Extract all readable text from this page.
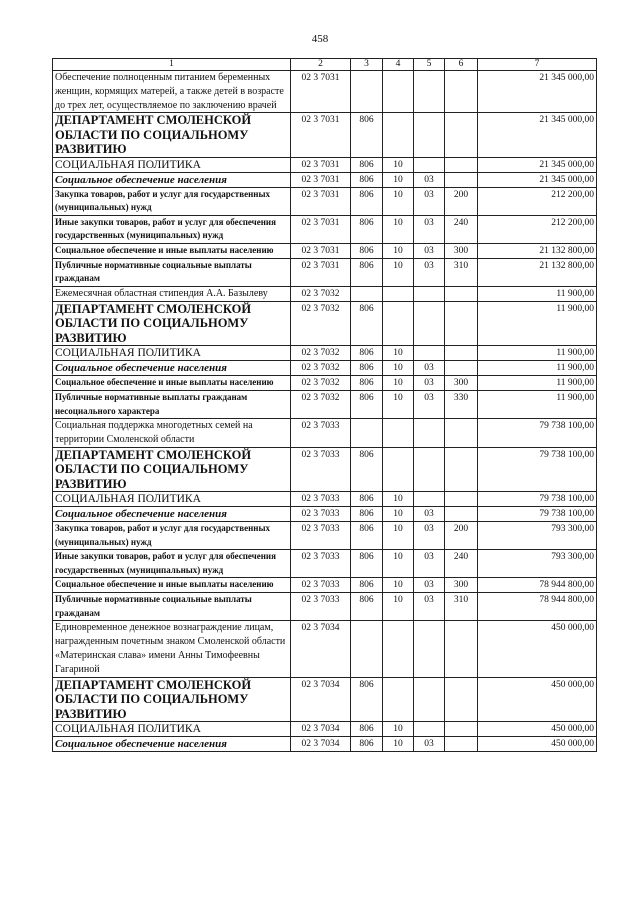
458
1	2	3	4	5	6	7
Обеспечение полноценным питанием беременных женщин, кормящих матерей, а также детей в возрасте до трех лет, осуществляемое по заключению врачей	02 3 7031					21 345 000,00
ДЕПАРТАМЕНТ СМОЛЕНСКОЙ ОБЛАСТИ ПО СОЦИАЛЬНОМУ РАЗВИТИЮ	02 3 7031	806				21 345 000,00
СОЦИАЛЬНАЯ ПОЛИТИКА	02 3 7031	806	10			21 345 000,00
Социальное обеспечение населения	02 3 7031	806	10	03		21 345 000,00
Закупка товаров, работ и услуг для государственных (муниципальных) нужд	02 3 7031	806	10	03	200	212 200,00
Иные закупки товаров, работ и услуг для обеспечения государственных (муниципальных) нужд	02 3 7031	806	10	03	240	212 200,00
Социальное обеспечение и иные выплаты населению	02 3 7031	806	10	03	300	21 132 800,00
Публичные нормативные социальные выплаты гражданам	02 3 7031	806	10	03	310	21 132 800,00
Ежемесячная областная стипендия А.А. Базылеву	02 3 7032					11 900,00
ДЕПАРТАМЕНТ СМОЛЕНСКОЙ ОБЛАСТИ ПО СОЦИАЛЬНОМУ РАЗВИТИЮ	02 3 7032	806				11 900,00
СОЦИАЛЬНАЯ ПОЛИТИКА	02 3 7032	806	10			11 900,00
Социальное обеспечение населения	02 3 7032	806	10	03		11 900,00
Социальное обеспечение и иные выплаты населению	02 3 7032	806	10	03	300	11 900,00
Публичные нормативные выплаты гражданам несоциального характера	02 3 7032	806	10	03	330	11 900,00
Социальная поддержка многодетных семей на территории Смоленской области	02 3 7033					79 738 100,00
ДЕПАРТАМЕНТ СМОЛЕНСКОЙ ОБЛАСТИ ПО СОЦИАЛЬНОМУ РАЗВИТИЮ	02 3 7033	806				79 738 100,00
СОЦИАЛЬНАЯ ПОЛИТИКА	02 3 7033	806	10			79 738 100,00
Социальное обеспечение населения	02 3 7033	806	10	03		79 738 100,00
Закупка товаров, работ и услуг для государственных (муниципальных) нужд	02 3 7033	806	10	03	200	793 300,00
Иные закупки товаров, работ и услуг для обеспечения государственных (муниципальных) нужд	02 3 7033	806	10	03	240	793 300,00
Социальное обеспечение и иные выплаты населению	02 3 7033	806	10	03	300	78 944 800,00
Публичные нормативные социальные выплаты гражданам	02 3 7033	806	10	03	310	78 944 800,00
Единовременное денежное вознаграждение лицам, награжденным почетным знаком Смоленской области «Материнская слава» имени Анны Тимофеевны Гагариной	02 3 7034					450 000,00
ДЕПАРТАМЕНТ СМОЛЕНСКОЙ ОБЛАСТИ ПО СОЦИАЛЬНОМУ РАЗВИТИЮ	02 3 7034	806				450 000,00
СОЦИАЛЬНАЯ ПОЛИТИКА	02 3 7034	806	10			450 000,00
Социальное обеспечение населения	02 3 7034	806	10	03		450 000,00
